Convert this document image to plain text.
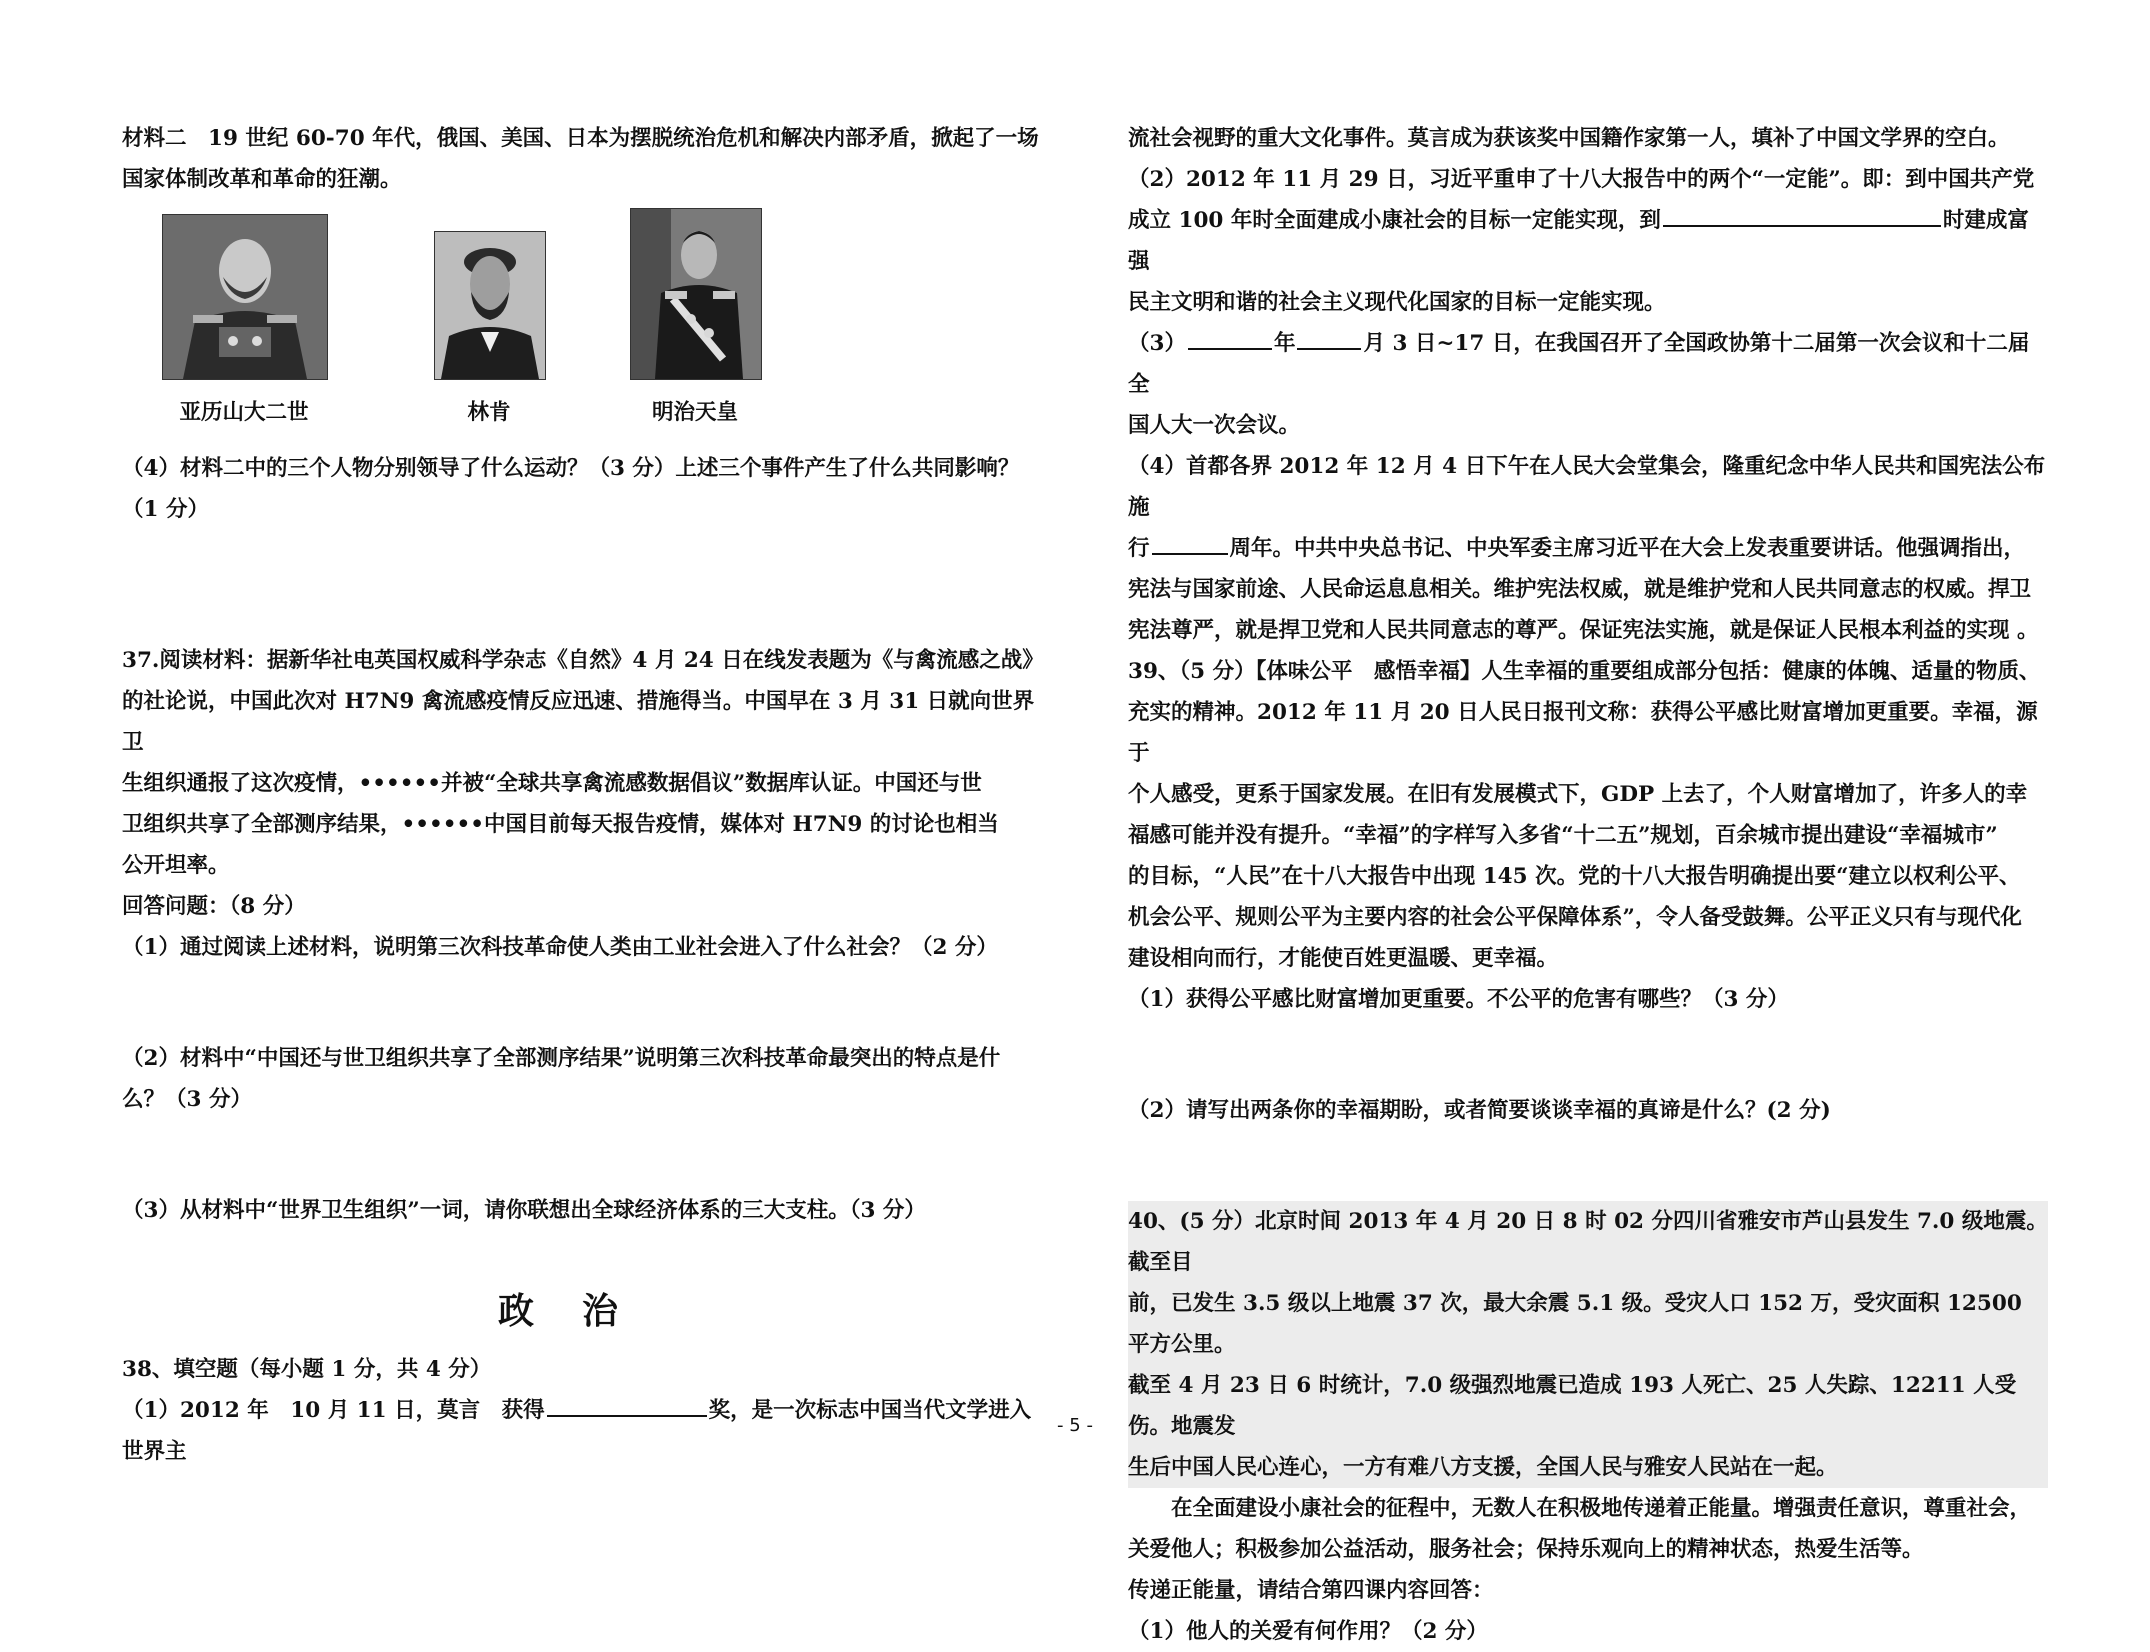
材料二　19 世纪 60-70 年代，俄国、美国、日本为摆脱统治危机和解决内部矛盾，掀起了一场

国家体制改革和革命的狂潮。

亚历山大二世	林肯	明治天皇

（4）材料二中的三个人物分别领导了什么运动？（3 分）上述三个事件产生了什么共同影响？

（1 分）

37.阅读材料：据新华社电英国权威科学杂志《自然》4 月 24 日在线发表题为《与禽流感之战》

的社论说，中国此次对 H7N9 禽流感疫情反应迅速、措施得当。中国早在 3 月 31 日就向世界卫

生组织通报了这次疫情，••••••并被“全球共享禽流感数据倡议”数据库认证。中国还与世

卫组织共享了全部测序结果，••••••中国目前每天报告疫情，媒体对 H7N9 的讨论也相当

公开坦率。

回答问题：（8 分）

（1）通过阅读上述材料，说明第三次科技革命使人类由工业社会进入了什么社会？（2 分）

（2）材料中“中国还与世卫组织共享了全部测序结果”说明第三次科技革命最突出的特点是什

么？（3 分）

（3）从材料中“世界卫生组织”一词，请你联想出全球经济体系的三大支柱。（3 分）

政治

38、填空题（每小题 1 分，共 4 分）

（1）2012 年　10 月 11 日，莫言　获得	奖，是一次标志中国当代文学进入世界主

流社会视野的重大文化事件。莫言成为获该奖中国籍作家第一人，填补了中国文学界的空白。

（2）2012 年 11 月 29 日，习近平重申了十八大报告中的两个“一定能”。即：到中国共产党

成立 100 年时全面建成小康社会的目标一定能实现，到	时建成富强

民主文明和谐的社会主义现代化国家的目标一定能实现。

（3）	年	月 3 日~17 日，在我国召开了全国政协第十二届第一次会议和十二届全

国人大一次会议。

（4）首都各界 2012 年 12 月 4 日下午在人民大会堂集会，隆重纪念中华人民共和国宪法公布施

行	周年。中共中央总书记、中央军委主席习近平在大会上发表重要讲话。他强调指出，

宪法与国家前途、人民命运息息相关。维护宪法权威，就是维护党和人民共同意志的权威。捍卫

宪法尊严，就是捍卫党和人民共同意志的尊严。保证宪法实施，就是保证人民根本利益的实现 。

39、（5 分）【体味公平　感悟幸福】人生幸福的重要组成部分包括：健康的体魄、适量的物质、

充实的精神。2012 年 11 月 20 日人民日报刊文称：获得公平感比财富增加更重要。幸福，源于

个人感受，更系于国家发展。在旧有发展模式下，GDP 上去了，个人财富增加了，许多人的幸

福感可能并没有提升。“幸福”的字样写入多省“十二五”规划，百余城市提出建设“幸福城市”

的目标，“人民”在十八大报告中出现 145 次。党的十八大报告明确提出要“建立以权利公平、

机会公平、规则公平为主要内容的社会公平保障体系”，令人备受鼓舞。公平正义只有与现代化

建设相向而行，才能使百姓更温暖、更幸福。

（1）获得公平感比财富增加更重要。不公平的危害有哪些？（3 分）

（2）请写出两条你的幸福期盼，或者简要谈谈幸福的真谛是什么？(2 分)

40、(5 分）北京时间 2013 年 4 月 20 日 8 时 02 分四川省雅安市芦山县发生 7.0 级地震。截至目

前，已发生 3.5 级以上地震 37 次，最大余震 5.1 级。受灾人口 152 万，受灾面积 12500 平方公里。

截至 4 月 23 日 6 时统计，7.0 级强烈地震已造成 193 人死亡、25 人失踪、12211 人受伤。地震发

生后中国人民心连心，一方有难八方支援，全国人民与雅安人民站在一起。

在全面建设小康社会的征程中，无数人在积极地传递着正能量。增强责任意识，尊重社会，关爱他人；积极参加公益活动，服务社会；保持乐观向上的精神状态，热爱生活等。

传递正能量，请结合第四课内容回答：

（1）他人的关爱有何作用？（2 分）

- 5 -
